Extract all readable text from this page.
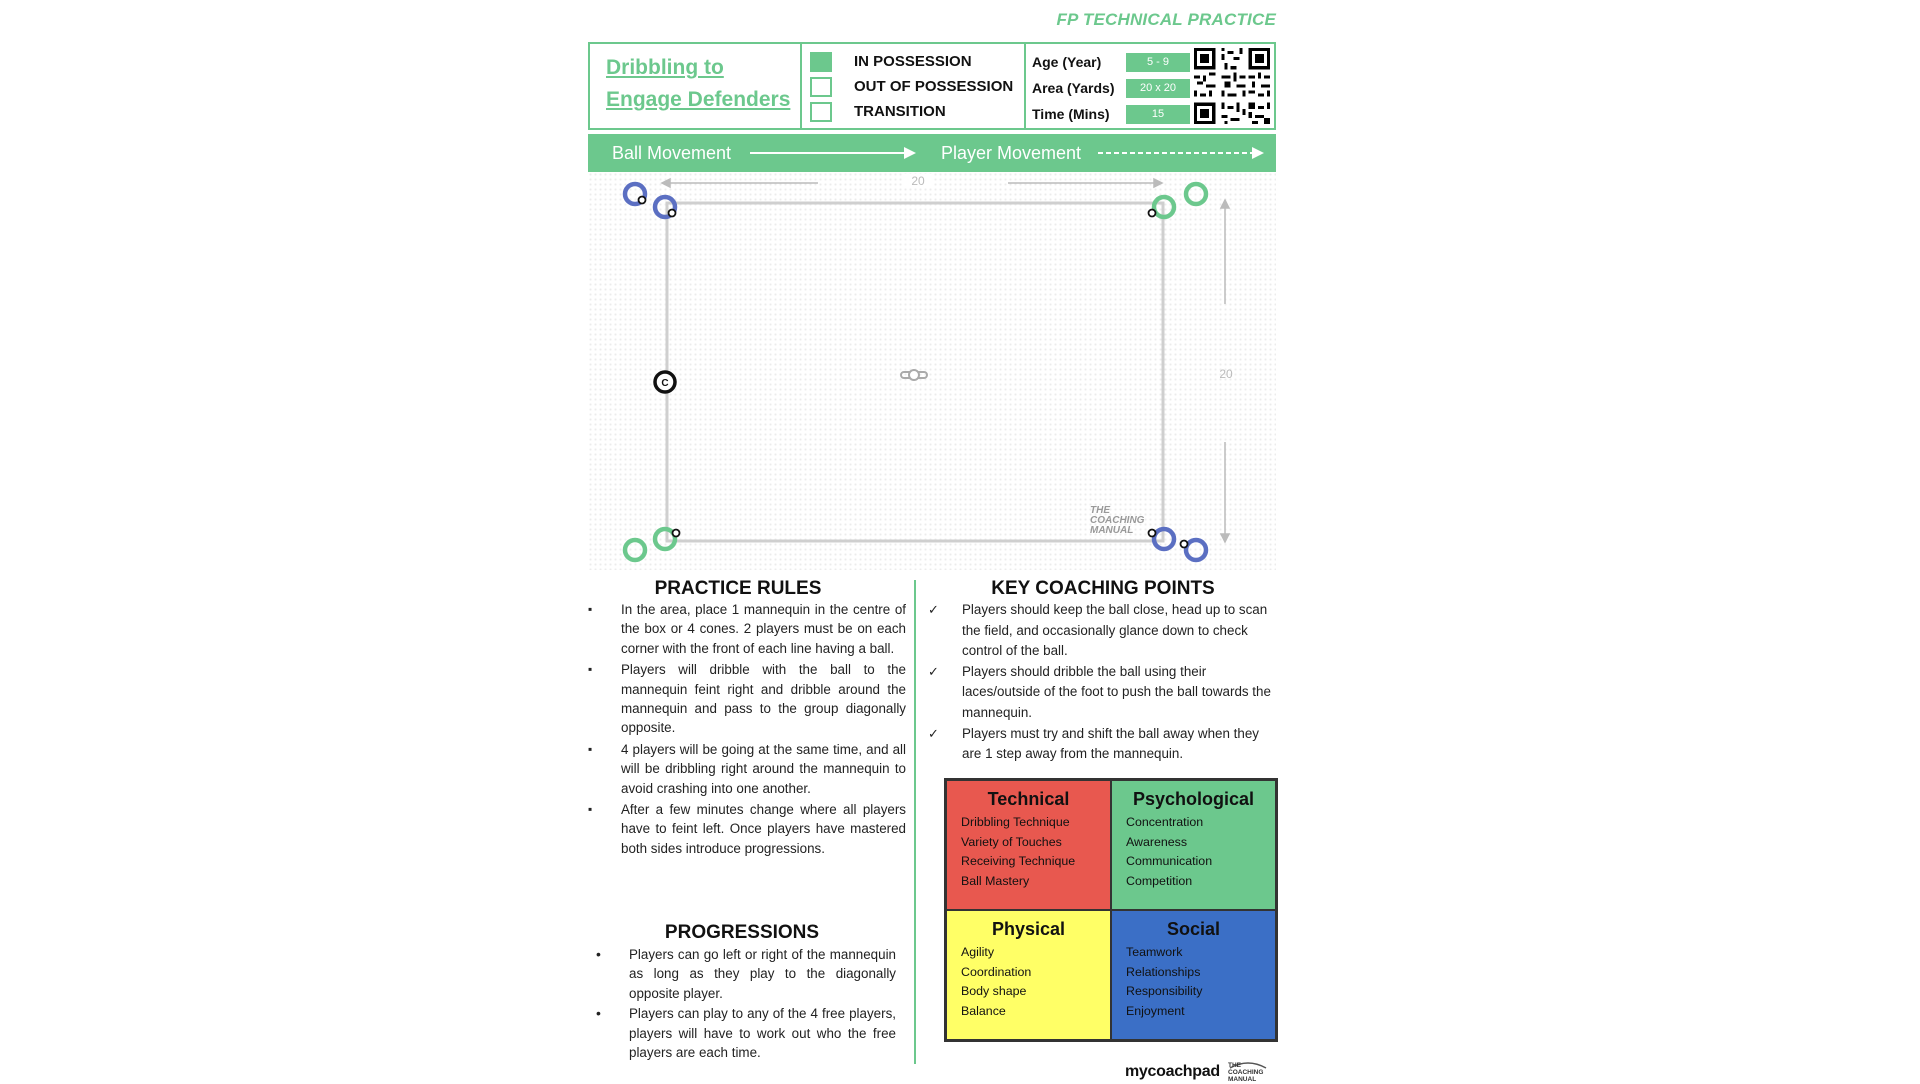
FP TECHNICAL PRACTICE
Dribbling to
Engage Defenders
IN POSSESSION
OUT OF POSSESSION
TRANSITION
Age (Year)	5 - 9
Area (Yards)	20 x 20
Time (Mins)	15
Ball Movement	Player Movement
C
20
20
THE
COACHING
MANUAL
PRACTICE RULES
▪ In the area, place 1 mannequin in the centre of the box or 4 cones. 2 players must be on each corner with the front of each line having a ball.
▪ Players will dribble with the ball to the mannequin feint right and dribble around the mannequin and pass to the group diagonally opposite.
▪ 4 players will be going at the same time, and all will be dribbling right around the mannequin to avoid crashing into one another.
▪ After a few minutes change where all players have to feint left. Once players have mastered both sides introduce progressions.
PROGRESSIONS
• Players can go left or right of the mannequin as long as they play to the diagonally opposite player.
• Players can play to any of the 4 free players, players will have to work out who the free players are each time.
KEY COACHING POINTS
✓ Players should keep the ball close, head up to scan the field, and occasionally glance down to check control of the ball.
✓ Players should dribble the ball using their laces/outside of the foot to push the ball towards the mannequin.
✓ Players must try and shift the ball away when they are 1 step away from the mannequin.
Technical
Dribbling Technique
Variety of Touches
Receiving Technique
Ball Mastery
Psychological
Concentration
Awareness
Communication
Competition
Physical
Agility
Coordination
Body shape
Balance
Social
Teamwork
Relationships
Responsibility
Enjoyment
mycoachpad THE
COACHING
MANUAL
